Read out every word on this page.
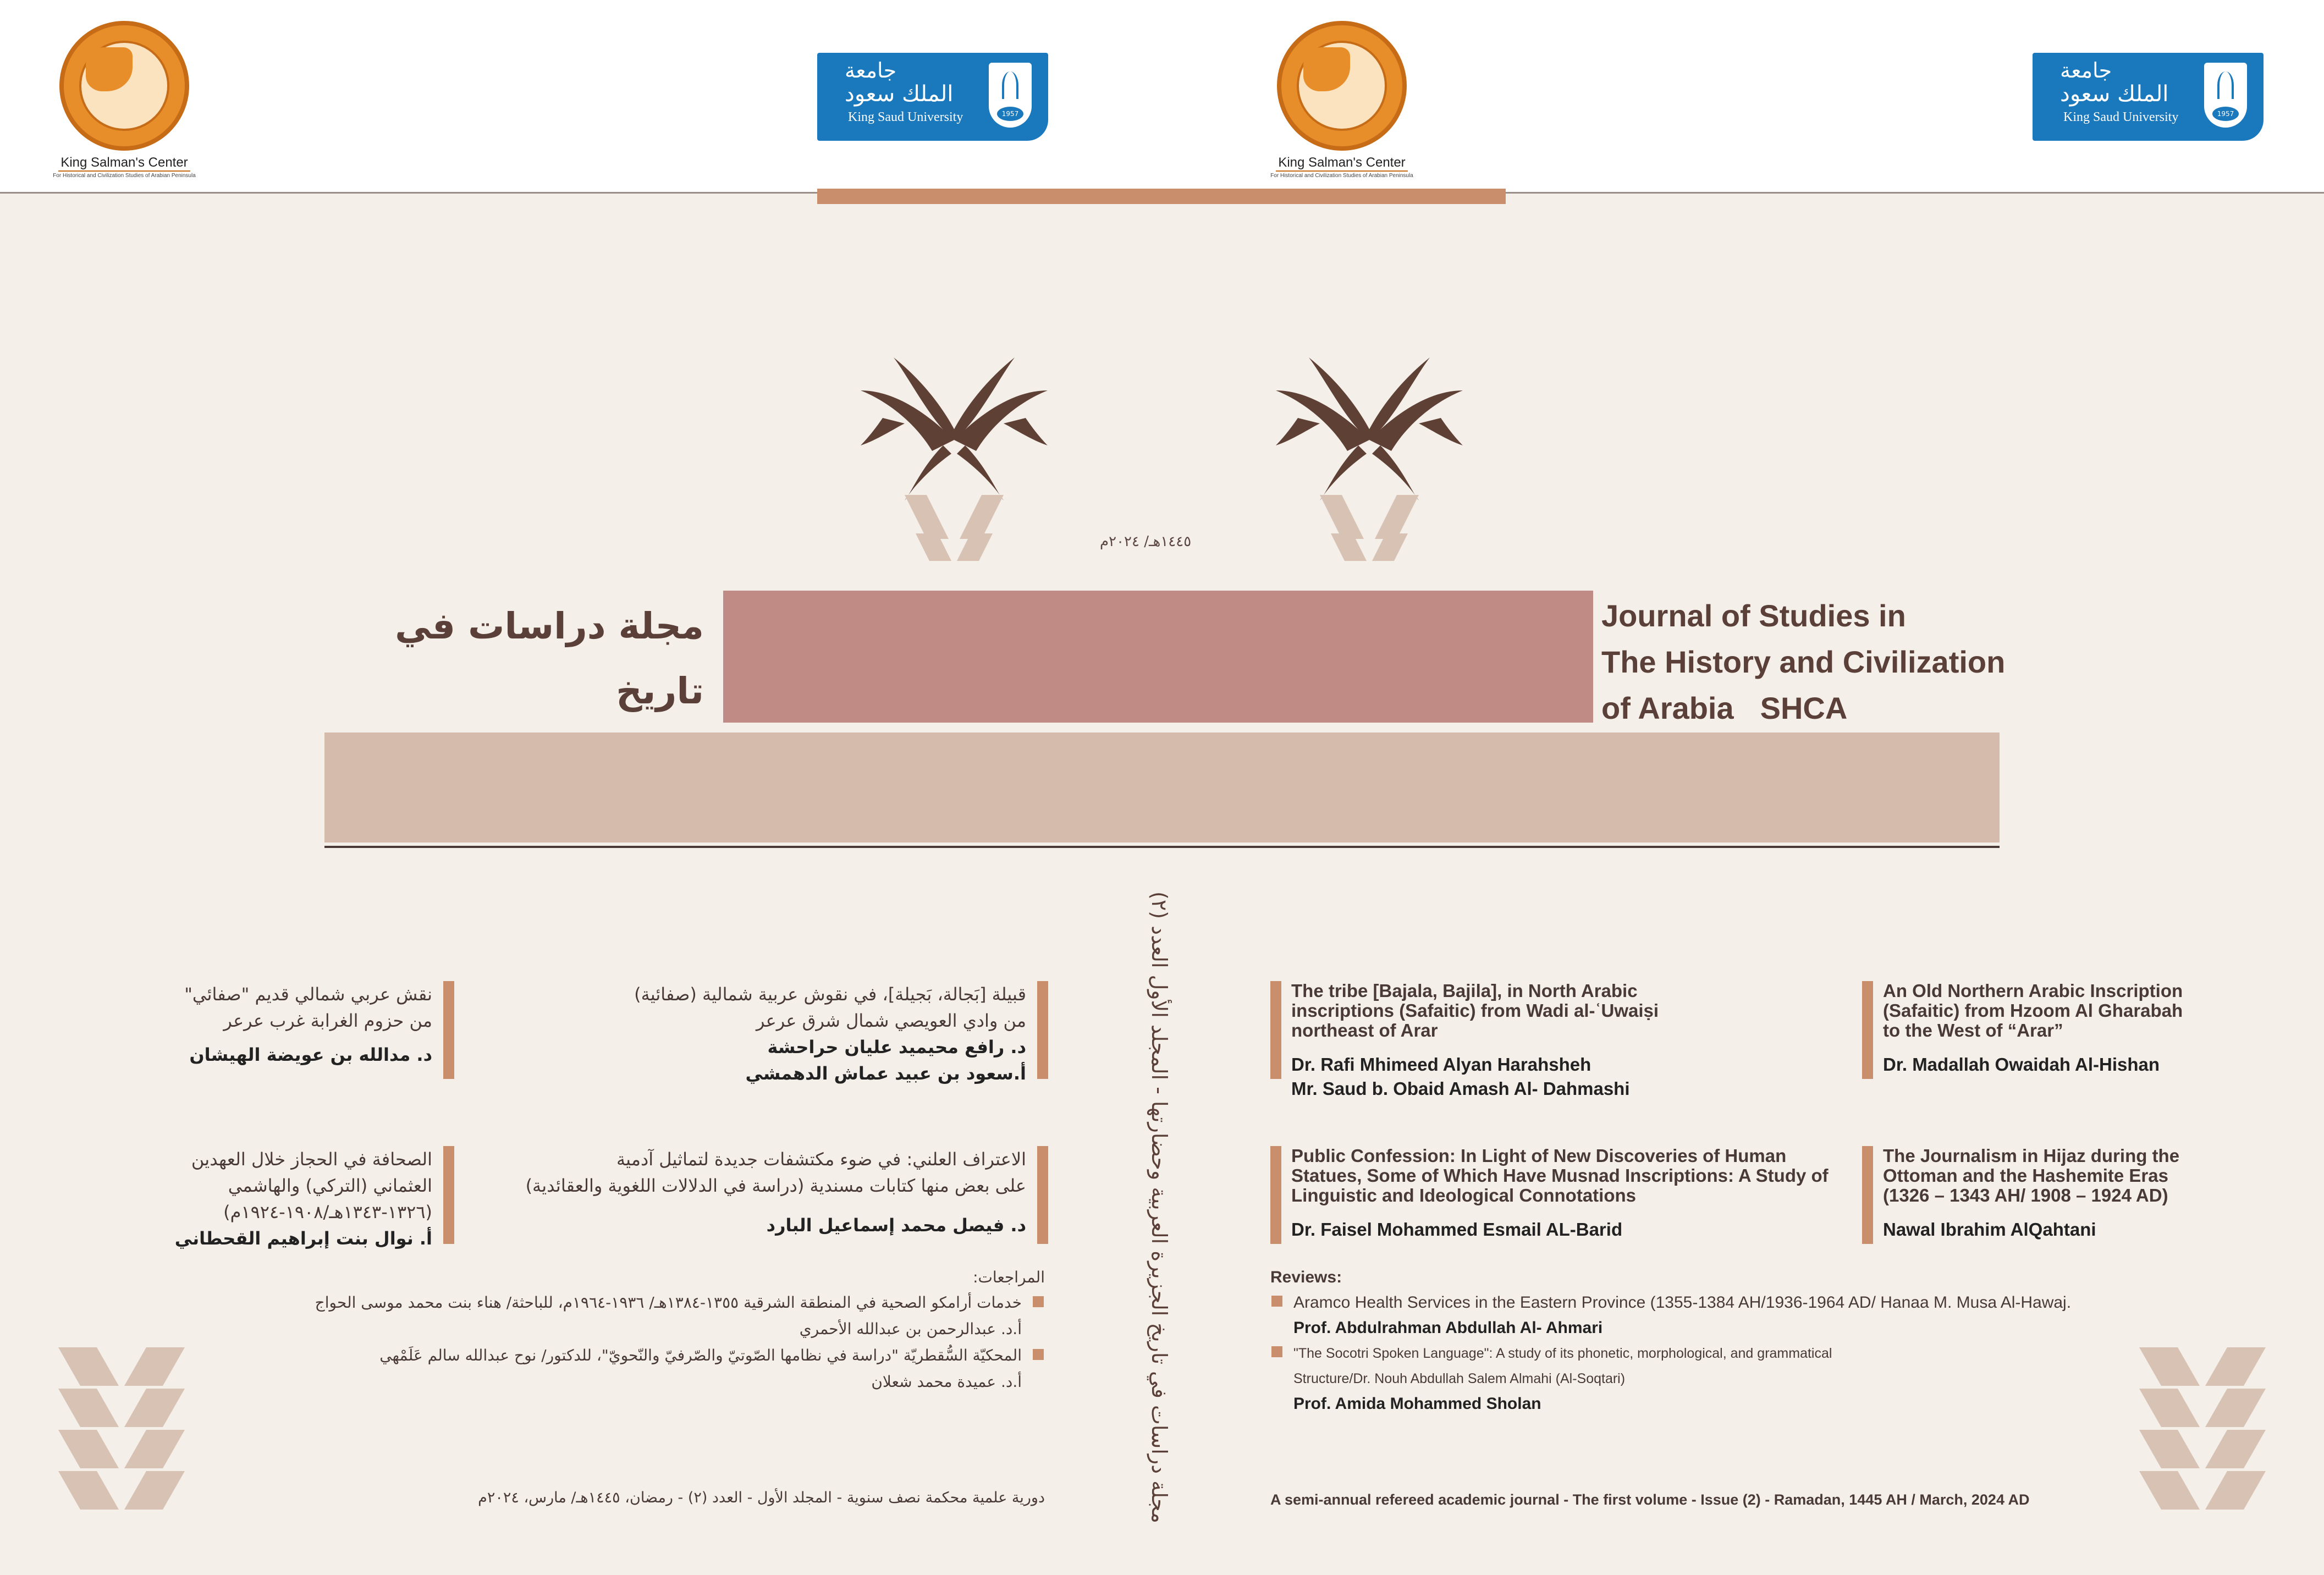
King Salman's Center
For Historical and Civilization Studies of Arabian Peninsula
جامعة
الملك سعود
King Saud University	1957
King Salman's Center
For Historical and Civilization Studies of Arabian Peninsula
جامعة
الملك سعود
King Saud University	1957
١٤٤٥هـ/ ٢٠٢٤م
مجلة دراسات في تاريخ
Journal of Studies in
The History and Civilization
of Arabia SHCA
The tribe [Bajala, Bajila], in North Arabic inscriptions (Safaitic) from Wadi al-ʿUwaiṣi northeast of Arar
Dr. Rafi Mhimeed Alyan Harahsheh
Mr. Saud b. Obaid Amash Al- Dahmashi
An Old Northern Arabic Inscription (Safaitic) from Hzoom Al Gharabah to the West of “Arar”
Dr. Madallah Owaidah Al-Hishan
Public Confession: In Light of New Discoveries of Human Statues, Some of Which Have Musnad Inscriptions: A Study of Linguistic and Ideological Connotations
Dr. Faisel Mohammed Esmail AL-Barid
The Journalism in Hijaz during the Ottoman and the Hashemite Eras (1326 – 1343 AH/ 1908 – 1924 AD)
Nawal Ibrahim AlQahtani
قبيلة [بَجالة، بَجيلة]، في نقوش عربية شمالية (صفائية)
من وادي العويصي شمال شرق عرعر
د. رافع محيميد عليان حراحشة
أ.سعود بن عبيد عماش الدهمشي
نقش عربي شمالي قديم "صفائي"
من حزوم الغرابة غرب عرعر
د. مدالله بن عويضة الهيشان
الاعتراف العلني: في ضوء مكتشفات جديدة لتماثيل آدمية
على بعض منها كتابات مسندية (دراسة في الدلالات اللغوية والعقائدية)
د. فيصل محمد إسماعيل البارد
الصحافة في الحجاز خلال العهدين
العثماني (التركي) والهاشمي
(١٣٢٦-١٣٤٣هـ/١٩٠٨-١٩٢٤م)
أ. نوال بنت إبراهيم القحطاني
مجلة دراسات في تاريخ الجزيرة العربية وحضارتها - المجلد الأول العدد (٢)
المراجعات:
خدمات أرامكو الصحية في المنطقة الشرقية ١٣٥٥-١٣٨٤هـ/ ١٩٣٦-١٩٦٤م، للباحثة/ هناء بنت محمد موسى الحواج
أ.د. عبدالرحمن بن عبدالله الأحمري
المحكيّة السُّقطريّة "دراسة في نظامها الصّوتيّ والصّرفيّ والنّحويّ"، للدكتور/ نوح عبدالله سالم عَلَمْهي
أ.د. عميدة محمد شعلان
Reviews:
Aramco Health Services in the Eastern Province (1355-1384 AH/1936-1964 AD/ Hanaa M. Musa Al-Hawaj.
Prof. Abdulrahman Abdullah Al- Ahmari
"The Socotri Spoken Language": A study of its phonetic, morphological, and grammatical
Structure/Dr. Nouh Abdullah Salem Almahi (Al-Soqtari)
Prof. Amida Mohammed Sholan
A semi-annual refereed academic journal - The first volume - Issue (2) - Ramadan, 1445 AH / March, 2024 AD
دورية علمية محكمة نصف سنوية - المجلد الأول - العدد (٢) - رمضان، ١٤٤٥هـ/ مارس، ٢٠٢٤م
